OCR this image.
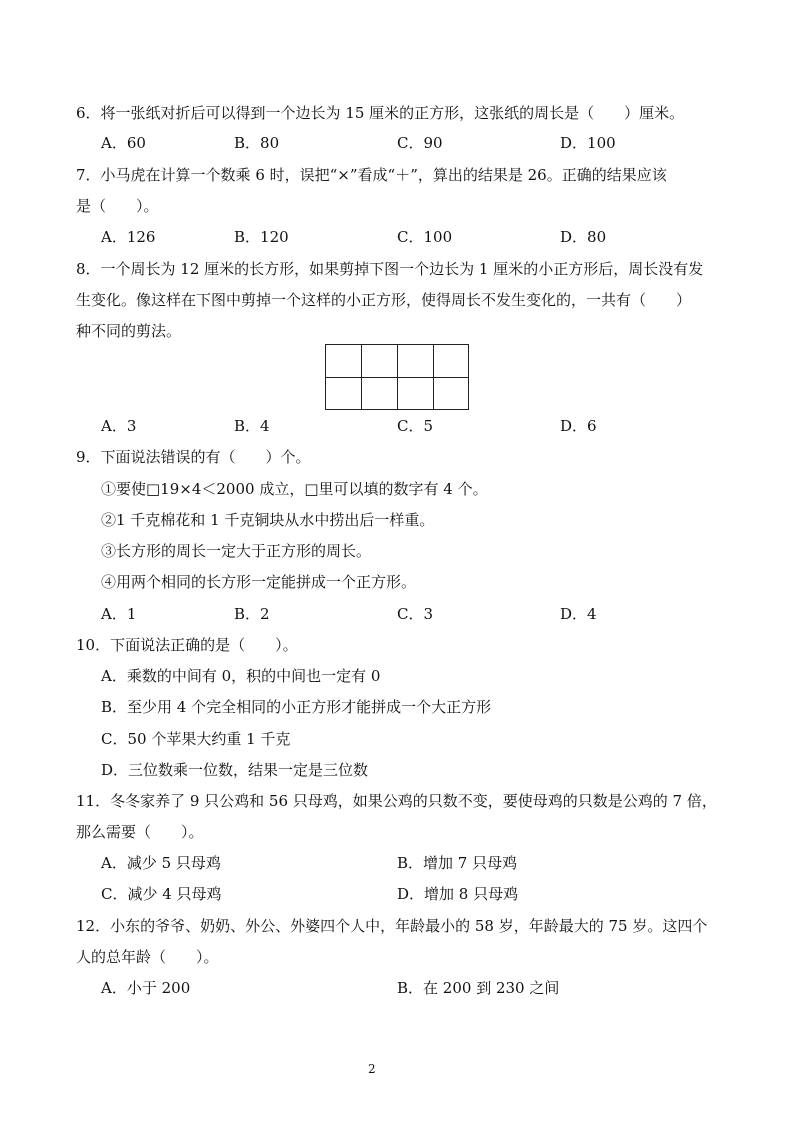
6．将一张纸对折后可以得到一个边长为 15 厘米的正方形，这张纸的周长是（　　）厘米。
A．60	B．80	C．90	D．100
7．小马虎在计算一个数乘 6 时，误把“×”看成“＋”，算出的结果是 26。正确的结果应该
是（　　）。
A．126	B．120	C．100	D．80
8．一个周长为 12 厘米的长方形，如果剪掉下图一个边长为 1 厘米的小正方形后，周长没有发
生变化。像这样在下图中剪掉一个这样的小正方形，使得周长不发生变化的，一共有（　　）
种不同的剪法。
A．3	B．4	C．5	D．6
9．下面说法错误的有（　　）个。
①要使□19×4＜2000 成立，□里可以填的数字有 4 个。
②1 千克棉花和 1 千克铜块从水中捞出后一样重。
③长方形的周长一定大于正方形的周长。
④用两个相同的长方形一定能拼成一个正方形。
A．1	B．2	C．3	D．4
10．下面说法正确的是（　　）。
A．乘数的中间有 0，积的中间也一定有 0
B．至少用 4 个完全相同的小正方形才能拼成一个大正方形
C．50 个苹果大约重 1 千克
D．三位数乘一位数，结果一定是三位数
11．冬冬家养了 9 只公鸡和 56 只母鸡，如果公鸡的只数不变，要使母鸡的只数是公鸡的 7 倍，
那么需要（　　）。
A．减少 5 只母鸡	B．增加 7 只母鸡
C．减少 4 只母鸡	D．增加 8 只母鸡
12．小东的爷爷、奶奶、外公、外婆四个人中，年龄最小的 58 岁，年龄最大的 75 岁。这四个
人的总年龄（　　）。
A．小于 200	B．在 200 到 230 之间
2
